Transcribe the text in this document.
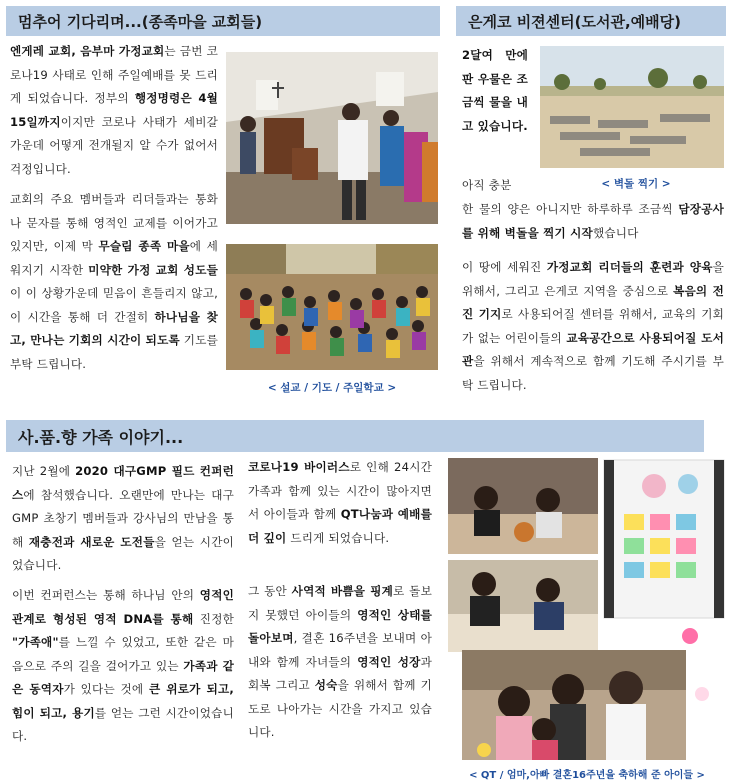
멈추어 기다리며...(종족마을 교회들)	은게코 비젼센터(도서관,예배당)
사.품.향 가족 이야기...
엔게레 교회, 음부마 가정교회는 금번 코로나19 사태로 인해 주일예배를 못 드리게 되었습니다. 정부의 행정명령은 4월 15일까지이지만 코로나 사태가 세비갈 가운데 어떻게 전개될지 알 수가 없어서 걱정입니다.
교회의 주요 멤버들과 리더들과는 통화나 문자를 통해 영적인 교제를 이어가고 있지만, 이제 막 무슬림 종족 마을에 세워지기 시작한 미약한 가정 교회 성도들이 이 상황가운데 믿음이 흔들리지 않고, 이 시간을 통해 더 간절히 하나님을 찾고, 만나는 기회의 시간이 되도록 기도를 부탁 드립니다.
< 설교 / 기도 / 주일학교 >
2달여 만에 판 우물은 조금씩 물을 내고 있습니다.
아직 충분
한 물의 양은 아니지만 하루하루 조금씩 담장공사를 위해 벽돌을 찍기 시작했습니다
이 땅에 세워진 가정교회 리더들의 훈련과 양육을 위해서, 그리고 은게코 지역을 중심으로 복음의 전진 기지로 사용되어질 센터를 위해서, 교육의 기회가 없는 어린이들의 교육공간으로 사용되어질 도서관을 위해서 계속적으로 함께 기도해 주시기를 부탁 드립니다.
< 벽돌 찍기 >
지난 2월에 2020 대구GMP 필드 컨퍼런스에 참석했습니다. 오랜만에 만나는 대구GMP 초창기 멤버들과 강사님의 만남을 통해 재충전과 새로운 도전들을 얻는 시간이었습니다.
이번 컨퍼런스는 통해 하나님 안의 영적인 관계로 형성된 영적 DNA를 통해 진정한 "가족애"를 느낄 수 있었고, 또한 같은 마음으로 주의 길을 걸어가고 있는 가족과 같은 동역자가 있다는 것에 큰 위로가 되고, 힘이 되고, 용기를 얻는 그런 시간이었습니다.
코로나19 바이러스로 인해 24시간 가족과 함께 있는 시간이 많아지면서 아이들과 함께 QT나눔과 예배를 더 깊이 드리게 되었습니다.
그 동안 사역적 바쁨을 핑계로 돌보지 못했던 아이들의 영적인 상태를 돌아보며, 결혼 16주년을 보내며 아내와 함께 자녀들의 영적인 성장과 회복 그리고 성숙을 위해서 함께 기도로 나아가는 시간을 가지고 있습니다.
< QT / 엄마,아빠 결혼16주년을 축하해 준 아이들 >
